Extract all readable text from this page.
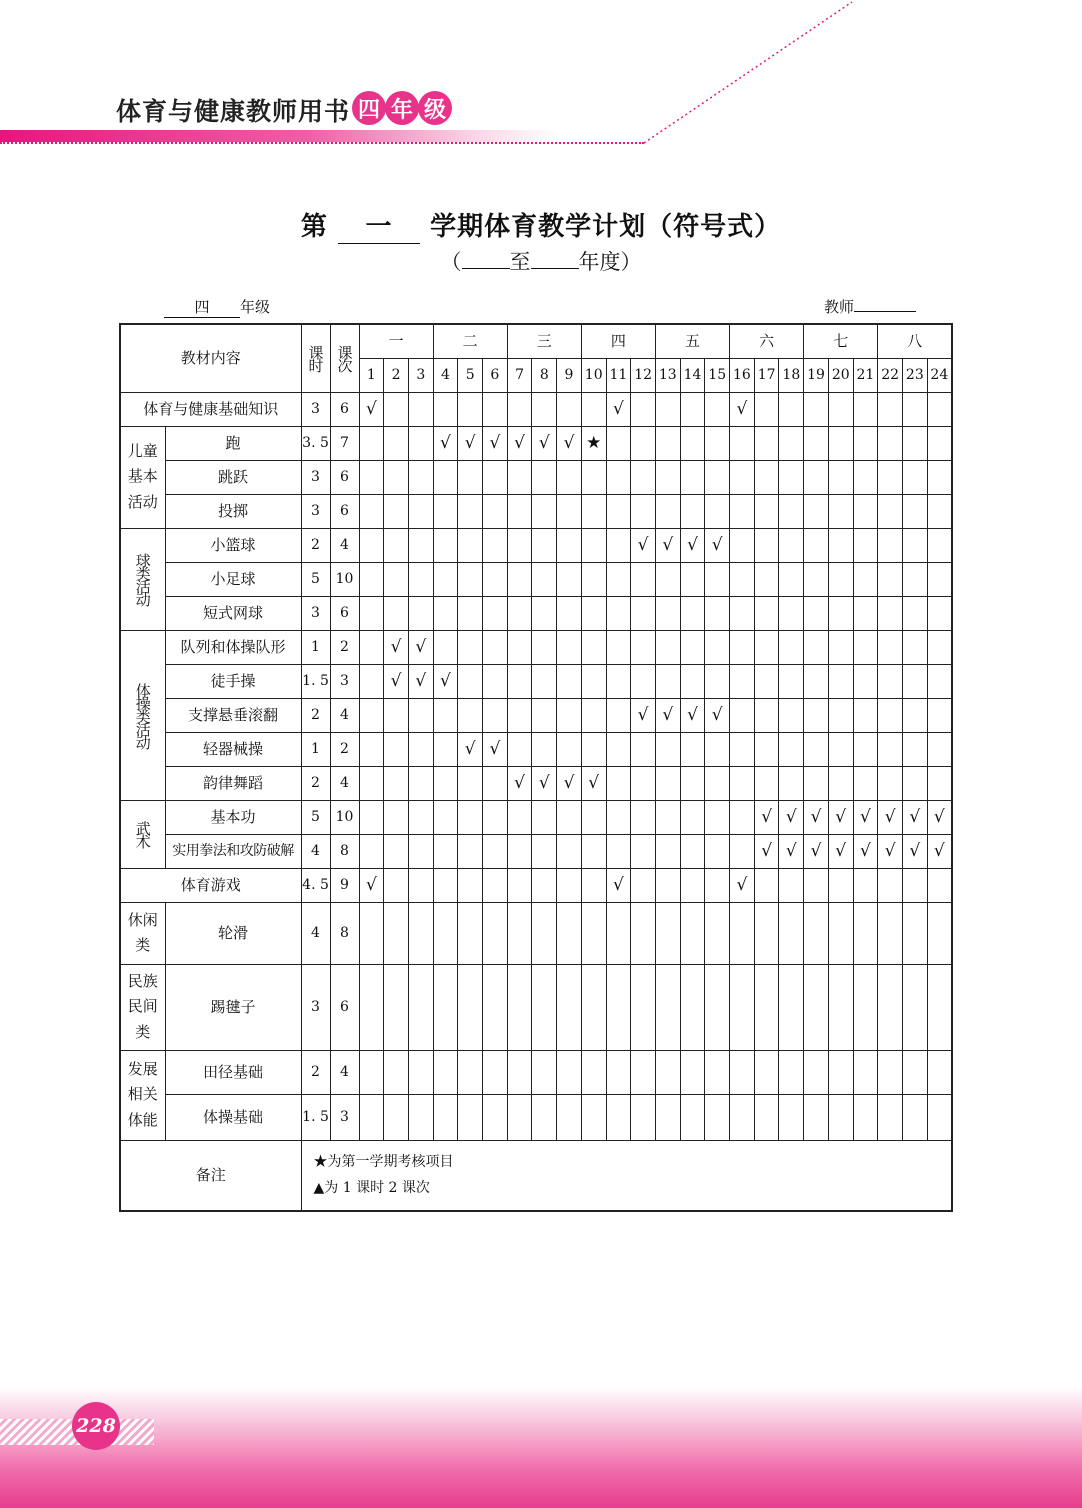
体育与健康教师用书 四 年 级
第 一 学期体育教学计划（符号式）
（ 至 年度）
四 年级	教师
教材内容		课时	课次	一			二			三			四			五			六			七			八		
				1	2	3	4	5	6	7	8	9	10	11	12	13	14	15	16	17	18	19	20	21	22	23	24
体育与健康基础知识		3	6	√										√					√								

儿童基本活动	跑	3. 5	7				√	√	√	√	√	√	★														
	跳跃	3	6																								
	投掷	3	6																								

球类活动	小篮球	2	4												√	√	√	√									
	小足球	5	10																								
	短式网球	3	6																								

体操类活动	队列和体操队形	1	2		√	√																					
	徒手操	1. 5	3		√	√	√																				
	支撑悬垂滚翻	2	4												√	√	√	√									
	轻器械操	1	2					√	√																		
	韵律舞蹈	2	4							√	√	√	√														

武术	基本功	5	10																	√	√	√	√	√	√	√	√
	实用拳法和攻防破解	4	8																	√	√	√	√	√	√	√	√
体育游戏		4. 5	9	√										√					√								

休闲类	轮滑	4	8																								

民族民间类	踢毽子	3	6																								

发展相关体能	田径基础	2	4																								
	体操基础	1. 5	3																								
备注		★为第一学期考核项目
▲为 1 课时 2 课次																									
228
